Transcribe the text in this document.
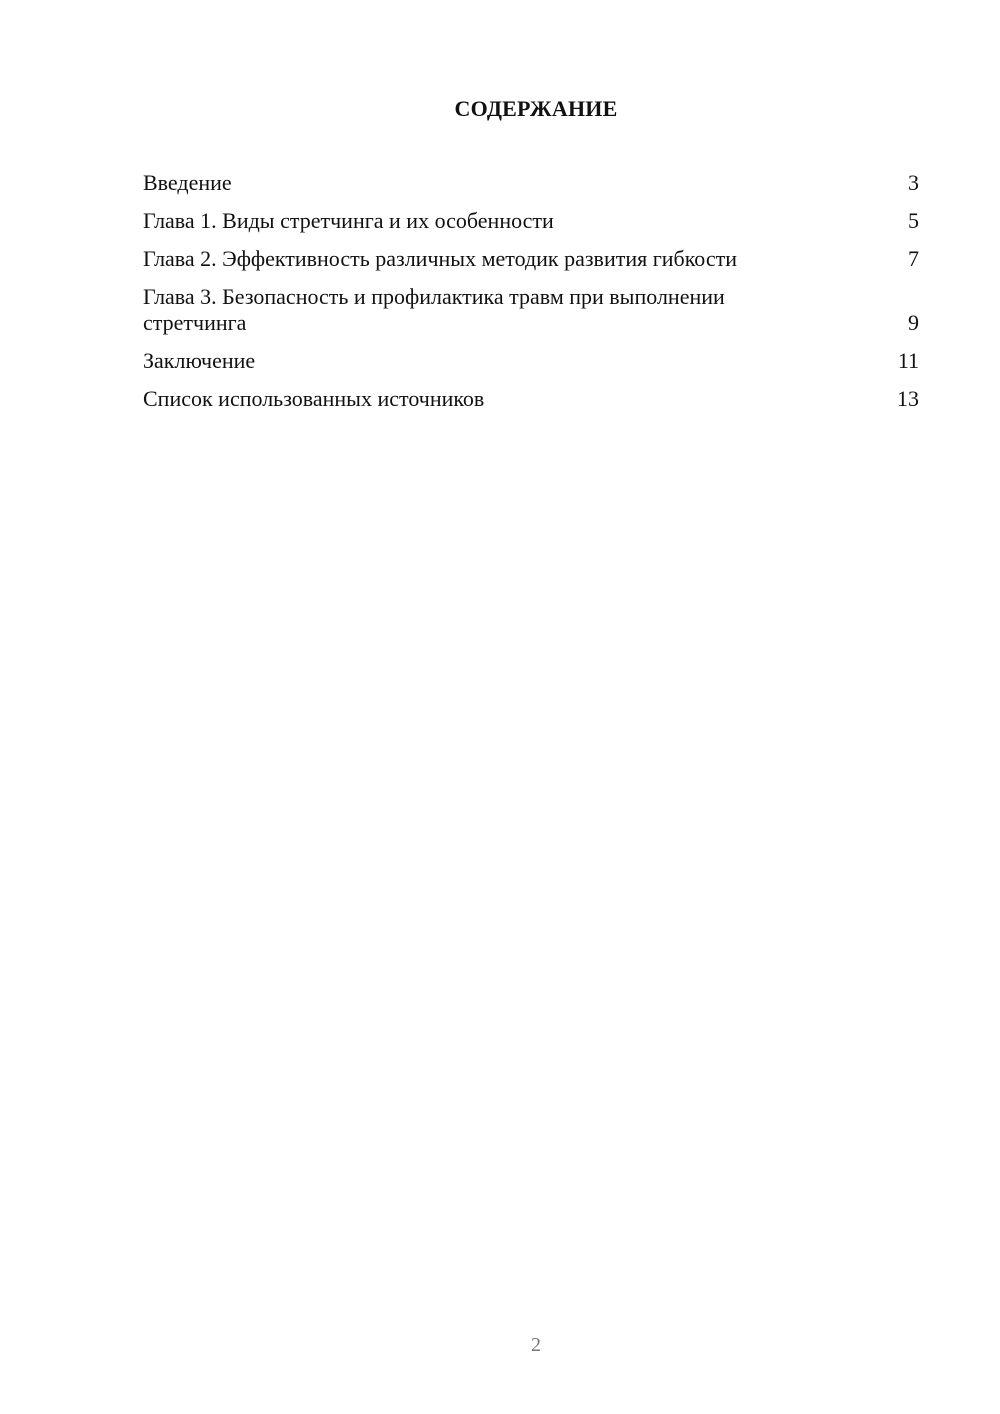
СОДЕРЖАНИЕ
Введение	3
Глава 1. Виды стретчинга и их особенности	5
Глава 2. Эффективность различных методик развития гибкости	7
Глава 3. Безопасность и профилактика травм при выполнении стретчинга	9
Заключение	11
Список использованных источников	13
2
